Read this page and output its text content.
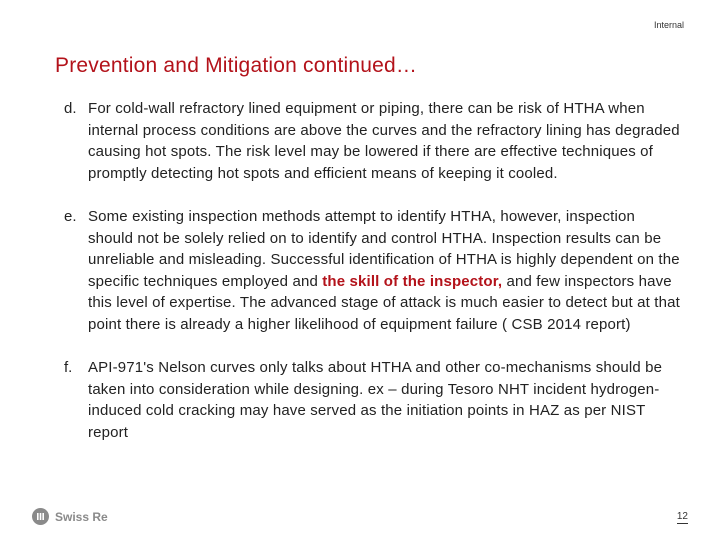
Internal
Prevention and Mitigation continued…
d. For cold-wall refractory lined equipment or piping, there can be risk of HTHA when internal process conditions are above the curves and the refractory lining has degraded causing hot spots. The risk level may be lowered if there are effective techniques of promptly detecting hot spots and efficient means of keeping it cooled.
e. Some existing inspection methods attempt to identify HTHA, however, inspection should not be solely relied on to identify and control HTHA. Inspection results can be unreliable and misleading. Successful identification of HTHA is highly dependent on the specific techniques employed and the skill of the inspector, and few inspectors have this level of expertise. The advanced stage of attack is much easier to detect but at that point there is already a higher likelihood of equipment failure ( CSB 2014 report)
f.	API-971's Nelson curves only talks about HTHA and other co-mechanisms should be taken into consideration while designing. ex – during Tesoro NHT incident hydrogen-induced cold cracking may have served as the initiation points in HAZ as per NIST report
Swiss Re	12
